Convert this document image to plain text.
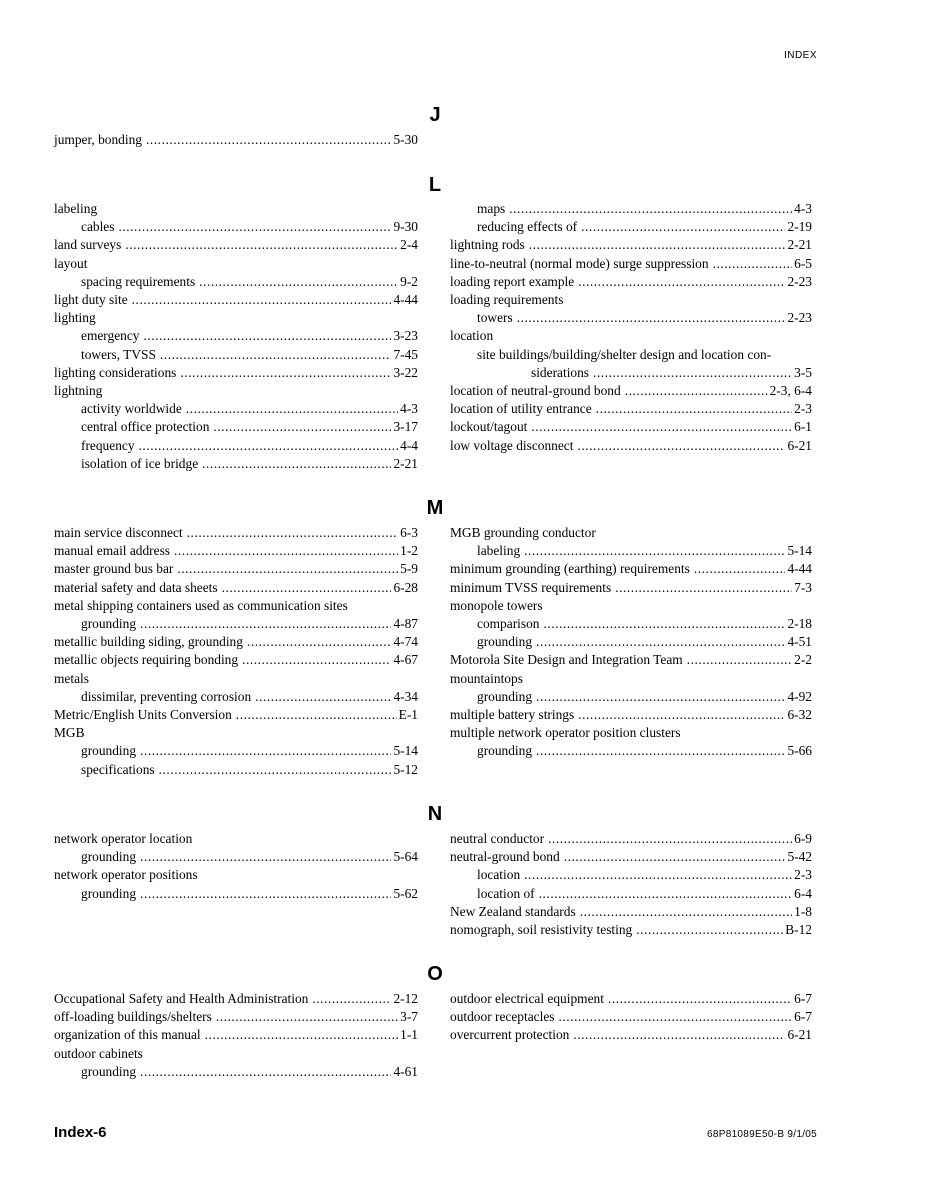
INDEX
J
jumper, bonding . . .	5-30
L
labeling
cables . . .	9-30
land surveys . . .	2-4
layout
spacing requirements . . .	9-2
light duty site . . .	4-44
lighting
emergency . . .	3-23
towers, TVSS . . .	7-45
lighting considerations . . .	3-22
lightning
activity worldwide . . .	4-3
central office protection . . .	3-17
frequency . . .	4-4
isolation of ice bridge . . .	2-21
maps . . .	4-3
reducing effects of . . .	2-19
lightning rods . . .	2-21
line-to-neutral (normal mode) surge suppression . . .	6-5
loading report example . . .	2-23
loading requirements
towers . . .	2-23
location
site buildings/building/shelter design and location con-
siderations . . .	3-5
location of neutral-ground bond . . .	2-3, 6-4
location of utility entrance . . .	2-3
lockout/tagout . . .	6-1
low voltage disconnect . . .	6-21
M
main service disconnect . . .	6-3
manual email address . . .	1-2
master ground bus bar . . .	5-9
material safety and data sheets . . .	6-28
metal shipping containers used as communication sites
grounding . . .	4-87
metallic building siding, grounding . . .	4-74
metallic objects requiring bonding . . .	4-67
metals
dissimilar, preventing corrosion . . .	4-34
Metric/English Units Conversion . . .	E-1
MGB
grounding . . .	5-14
specifications . . .	5-12
MGB grounding conductor
labeling . . .	5-14
minimum grounding (earthing) requirements . . .	4-44
minimum TVSS requirements . . .	7-3
monopole towers
comparison . . .	2-18
grounding . . .	4-51
Motorola Site Design and Integration Team . . .	2-2
mountaintops
grounding . . .	4-92
multiple battery strings . . .	6-32
multiple network operator position clusters
grounding . . .	5-66
N
network operator location
grounding . . .	5-64
network operator positions
grounding . . .	5-62
neutral conductor . . .	6-9
neutral-ground bond . . .	5-42
location . . .	2-3
location of . . .	6-4
New Zealand standards . . .	1-8
nomograph, soil resistivity testing . . .	B-12
O
Occupational Safety and Health Administration . . .	2-12
off-loading buildings/shelters . . .	3-7
organization of this manual . . .	1-1
outdoor cabinets
grounding . . .	4-61
outdoor electrical equipment . . .	6-7
outdoor receptacles . . .	6-7
overcurrent protection . . .	6-21
Index-6	68P81089E50-B 9/1/05
